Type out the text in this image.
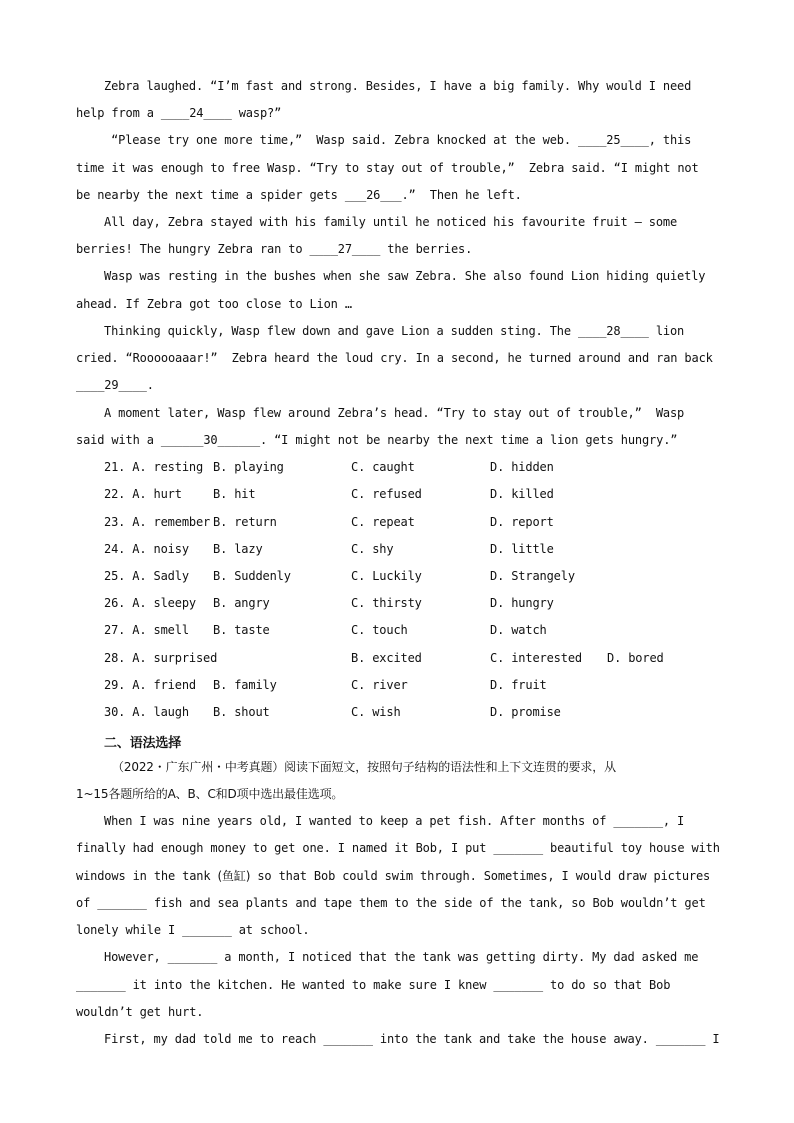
Zebra laughed. “I’m fast and strong. Besides, I have a big family. Why would I need
help from a ____24____ wasp?”
“Please try one more time,”  Wasp said. Zebra knocked at the web. ____25____, this
time it was enough to free Wasp. “Try to stay out of trouble,”  Zebra said. “I might not
be nearby the next time a spider gets ___26___.”  Then he left.
All day, Zebra stayed with his family until he noticed his favourite fruit — some
berries! The hungry Zebra ran to ____27____ the berries.
Wasp was resting in the bushes when she saw Zebra. She also found Lion hiding quietly
ahead. If Zebra got too close to Lion …
Thinking quickly, Wasp flew down and gave Lion a sudden sting. The ____28____ lion
cried. “Roooooaaar!”  Zebra heard the loud cry. In a second, he turned around and ran back
____29____.
A moment later, Wasp flew around Zebra’s head. “Try to stay out of trouble,”  Wasp
said with a ______30______. “I might not be nearby the next time a lion gets hungry.”
21. A. resting B. playing	C. caught	D. hidden
22. A. hurt	B. hit	C. refused	D. killed
23. A. remember B. return	C. repeat	D. report
24. A. noisy B. lazy	C. shy	D. little
25. A. Sadly B. Suddenly	C. Luckily	D. Strangely
26. A. sleepy B. angry	C. thirsty	D. hungry
27. A. smell B. taste	C. touch	D. watch
28. A. surprised	B. excited	C. interested D. bored
29. A. friend B. family	C. river	D. fruit
30. A. laugh B. shout	C. wish	D. promise
二、语法选择
（2022・广东广州・中考真题）阅读下面短文，按照句子结构的语法性和上下文连贯的要求，从
1~15各题所给的A、B、C和D项中选出最佳选项。
When I was nine years old, I wanted to keep a pet fish. After months of _______, I
finally had enough money to get one. I named it Bob, I put _______ beautiful toy house with
windows in the tank (鱼缸) so that Bob could swim through. Sometimes, I would draw pictures
of _______ fish and sea plants and tape them to the side of the tank, so Bob wouldn’t get
lonely while I _______ at school.
However, _______ a month, I noticed that the tank was getting dirty. My dad asked me
_______ it into the kitchen. He wanted to make sure I knew _______ to do so that Bob
wouldn’t get hurt.
First, my dad told me to reach _______ into the tank and take the house away. _______ I
